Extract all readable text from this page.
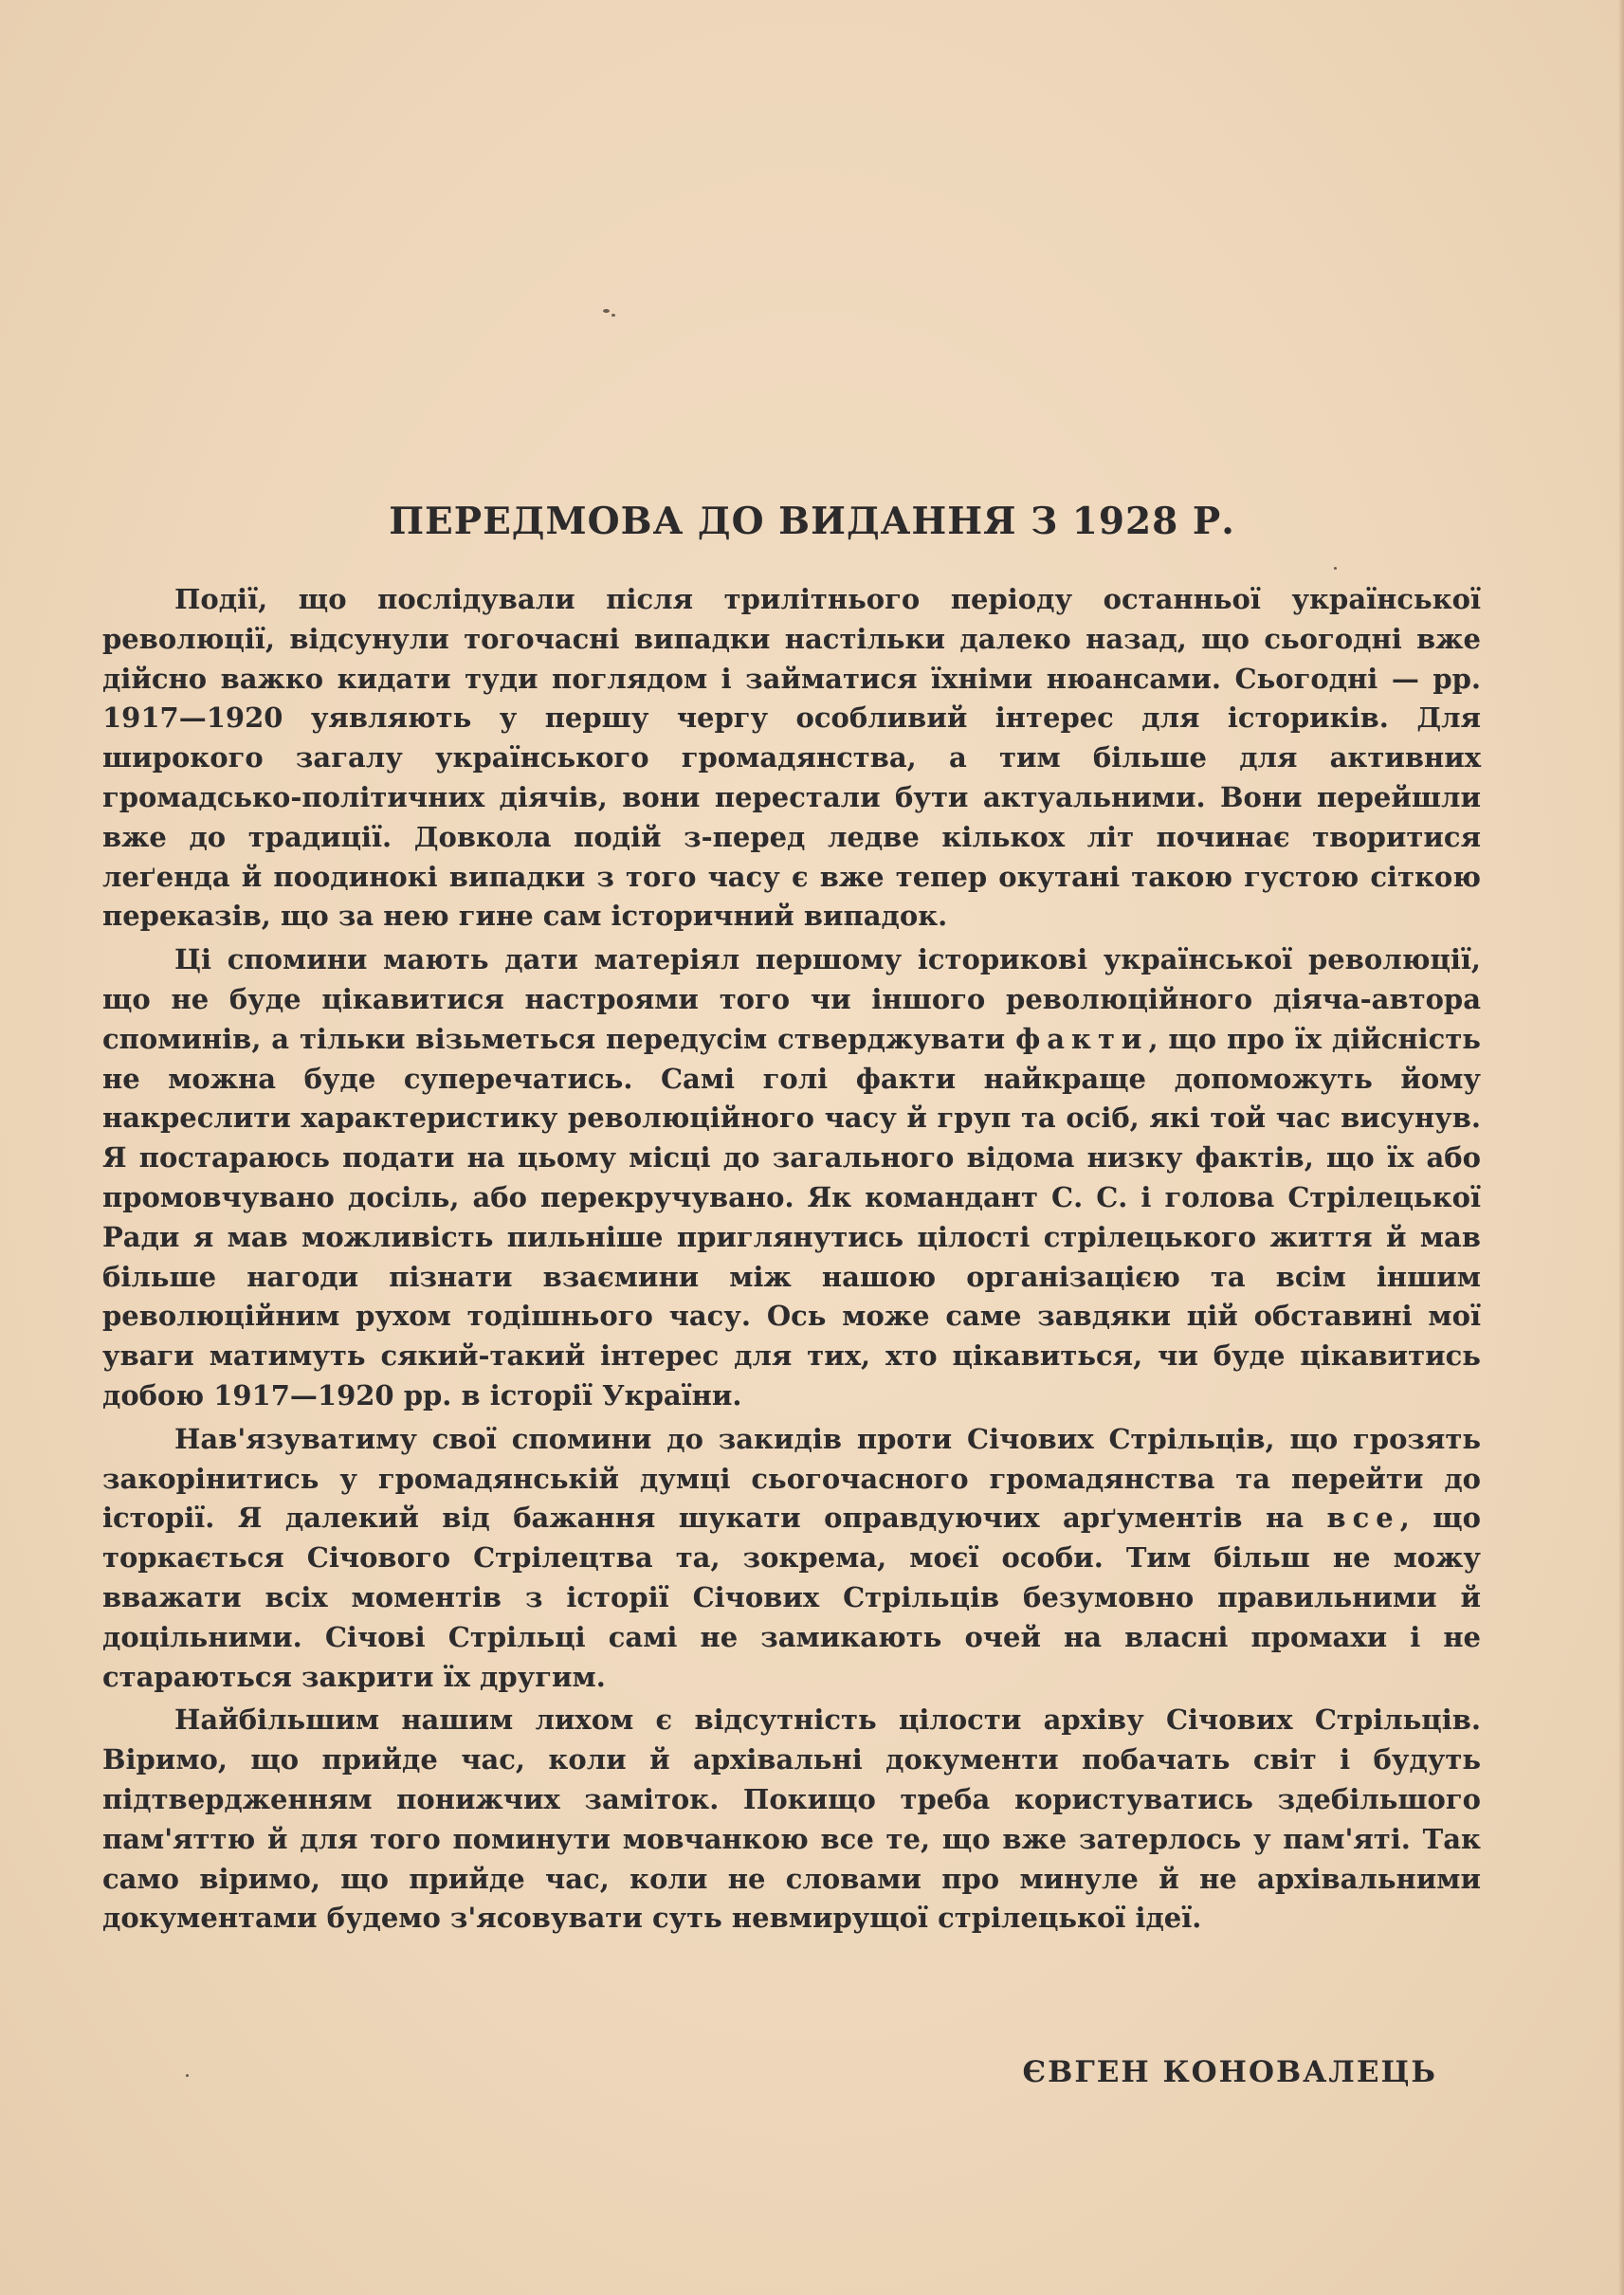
ПЕРЕДМОВА ДО ВИДАННЯ З 1928 Р.

Події, що послідували після трилітнього періоду останньої української революції, відсунули тогочасні випадки настільки далеко назад, що сьогодні вже дійсно важко кидати туди поглядом і займатися їхніми нюансами. Сьогодні — рр. 1917—1920 уявляють у першу чергу особливий інтерес для істориків. Для широкого загалу українського громадянства, а тим більше для активних громадсько-політичних діячів, вони перестали бути актуальними. Вони перейшли вже до традиції. Довкола подій з-перед ледве кількох літ починає творитися леґенда й поодинокі випадки з того часу є вже тепер окутані такою густою сіткою переказів, що за нею гине сам історичний випадок.

Ці спомини мають дати матеріял першому історикові української революції, що не буде цікавитися настроями того чи іншого революційного діяча-автора споминів, а тільки візьметься передусім стверджувати факти, що про їх дійсність не можна буде суперечатись. Самі голі факти найкраще допоможуть йому накреслити характеристику революційного часу й груп та осіб, які той час висунув. Я постараюсь подати на цьому місці до загального відома низку фактів, що їх або промовчувано досіль, або перекручувано. Як командант С. С. і голова Стрілецької Ради я мав можливість пильніше приглянутись цілості стрілецького життя й мав більше нагоди пізнати взаємини між нашою організацією та всім іншим революційним рухом тодішнього часу. Ось може саме завдяки цій обставині мої уваги матимуть сякий-такий інтерес для тих, хто цікавиться, чи буде цікавитись добою 1917—1920 рр. в історії України.

Нав'язуватиму свої спомини до закидів проти Січових Стрільців, що грозять закорінитись у громадянській думці сьогочасного громадянства та перейти до історії. Я далекий від бажання шукати оправдуючих арґументів на все, що торкається Січового Стрілецтва та, зокрема, моєї особи. Тим більш не можу вважати всіх моментів з історії Січових Стрільців безумовно правильними й доцільними. Січові Стрільці самі не замикають очей на власні промахи і не стараються закрити їх другим.

Найбільшим нашим лихом є відсутність цілости архіву Січових Стрільців. Віримо, що прийде час, коли й архівальні документи побачать світ і будуть підтвердженням понижчих заміток. Покищо треба користуватись здебільшого пам'яттю й для того поминути мовчанкою все те, що вже затерлось у пам'яті. Так само віримо, що прийде час, коли не словами про минуле й не архівальними документами будемо з'ясовувати суть невмирущої стрілецької ідеї.

ЄВГЕН КОНОВАЛЕЦЬ
